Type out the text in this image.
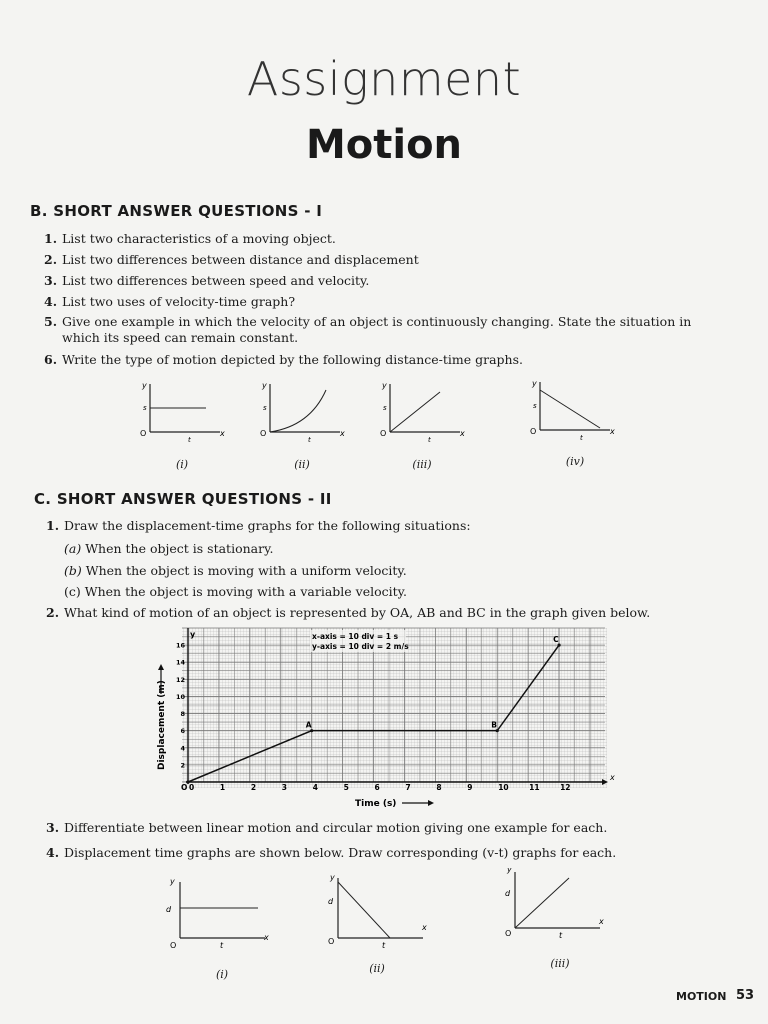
Assignment
Motion
B. SHORT ANSWER QUESTIONS - I
1. List two characteristics of a moving object.
2. List two differences between distance and displacement
3. List two differences between speed and velocity.
4. List two uses of velocity-time graph?
5. Give one example in which the velocity of an object is continuously changing. State the situation in
which its speed can remain constant.
6. Write the type of motion depicted by the following distance-time graphs.
y
s
O
t
x
y
s
O
t
x
y
s
O
t
x
y
s
O
t
x
(i)	(ii)	(iii)	(iv)
C. SHORT ANSWER QUESTIONS - II
1. Draw the displacement-time graphs for the following situations:
(a) When the object is stationary.
(b) When the object is moving with a uniform velocity.
(c) When the object is moving with a variable velocity.
2. What kind of motion of an object is represented by OA, AB and BC in the graph given below.
x
y
0	1	2	3	4	5	6	7	8	9	10	11	12
2
4
6
8
10
12
14
16
A	B
C
O
x-axis = 10 div = 1 s
y-axis = 10 div = 2 m/s
Displacement (m)
Time (s)
3. Differentiate between linear motion and circular motion giving one example for each.
4. Displacement time graphs are shown below. Draw corresponding (v-t) graphs for each.
y
d
O	t
x
y
d
O	t
x
y
d
O	t
x
(i)	(ii)	(iii)
MOTION 53
